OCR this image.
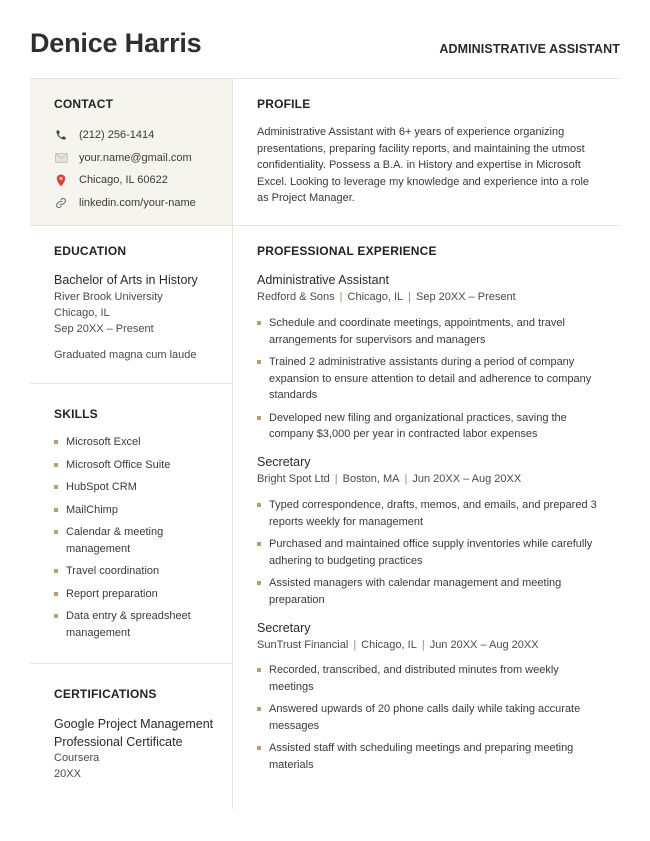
Denice Harris	ADMINISTRATIVE ASSISTANT
CONTACT
(212) 256-1414
your.name@gmail.com
Chicago, IL 60622
linkedin.com/your-name
PROFILE

Administrative Assistant with 6+ years of experience organizing presentations, preparing facility reports, and maintaining the utmost confidentiality. Possess a B.A. in History and expertise in Microsoft Excel. Looking to leverage my knowledge and experience into a role as Project Manager.

EDUCATION
Bachelor of Arts in History
River Brook University
Chicago, IL
Sep 20XX – Present
Graduated magna cum laude
SKILLS
Microsoft Excel
Microsoft Office Suite
HubSpot CRM
MailChimp
Calendar & meeting management
Travel coordination
Report preparation
Data entry & spreadsheet management
CERTIFICATIONS
Google Project Management Professional Certificate
Coursera
20XX
PROFESSIONAL EXPERIENCE
Administrative Assistant
Redford & Sons | Chicago, IL | Sep 20XX – Present
Schedule and coordinate meetings, appointments, and travel arrangements for supervisors and managers
Trained 2 administrative assistants during a period of company expansion to ensure attention to detail and adherence to company standards
Developed new filing and organizational practices, saving the company $3,000 per year in contracted labor expenses
Secretary
Bright Spot Ltd | Boston, MA | Jun 20XX – Aug 20XX
Typed correspondence, drafts, memos, and emails, and prepared 3 reports weekly for management
Purchased and maintained office supply inventories while carefully adhering to budgeting practices
Assisted managers with calendar management and meeting preparation
Secretary
SunTrust Financial | Chicago, IL | Jun 20XX – Aug 20XX
Recorded, transcribed, and distributed minutes from weekly meetings
Answered upwards of 20 phone calls daily while taking accurate messages
Assisted staff with scheduling meetings and preparing meeting materials
